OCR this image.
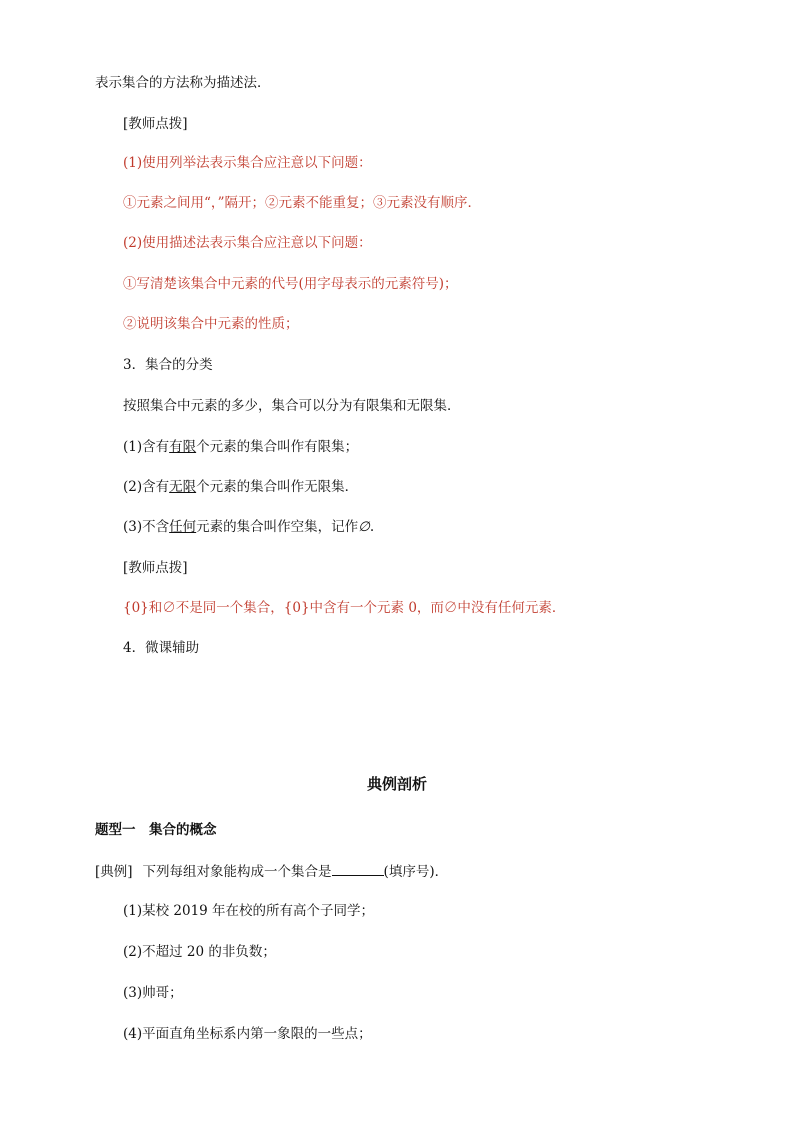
表示集合的方法称为描述法．
[教师点拨]
(1)使用列举法表示集合应注意以下问题：
①元素之间用“，”隔开；②元素不能重复；③元素没有顺序．
(2)使用描述法表示集合应注意以下问题：
①写清楚该集合中元素的代号(用字母表示的元素符号)；
②说明该集合中元素的性质；
3．集合的分类
按照集合中元素的多少，集合可以分为有限集和无限集．
(1)含有有限个元素的集合叫作有限集；
(2)含有无限个元素的集合叫作无限集．
(3)不含任何元素的集合叫作空集，记作∅.
[教师点拨]
{0}和∅不是同一个集合，{0}中含有一个元素 0，而∅中没有任何元素．
4．微课辅助
典例剖析
题型一　集合的概念
[典例] 下列每组对象能构成一个集合是	(填序号)．
(1)某校 2019 年在校的所有高个子同学；
(2)不超过 20 的非负数；
(3)帅哥；
(4)平面直角坐标系内第一象限的一些点；
